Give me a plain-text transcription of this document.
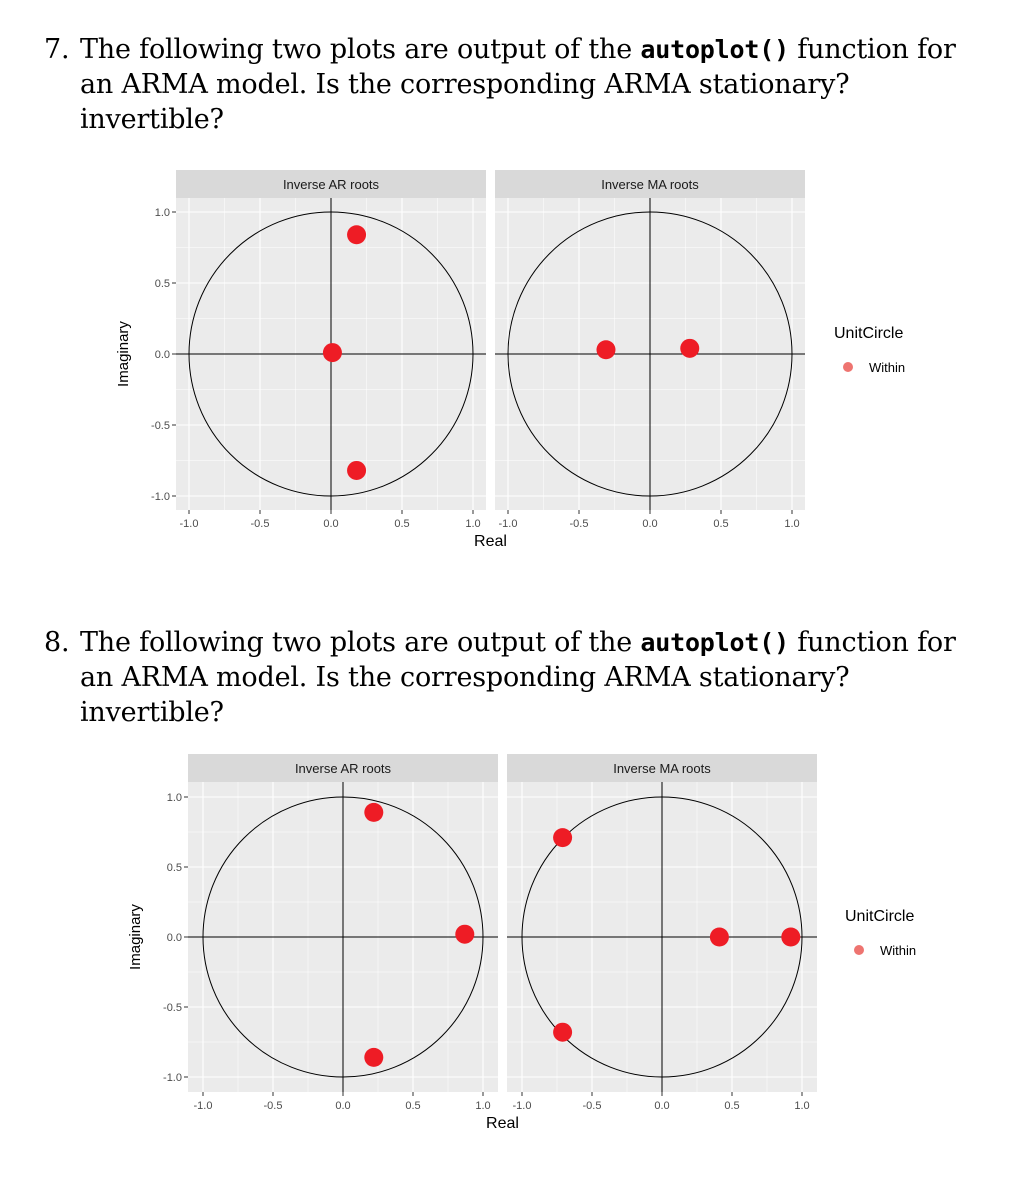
7. The following two plots are output of the autoplot() function for an ARMA model. Is the corresponding ARMA stationary? invertible?
Inverse AR roots
-1.0	-0.5	0.0	0.5	1.0
-1.0
-0.5
0.0
0.5
1.0
Imaginary
Inverse MA roots
-1.0	-0.5	0.0	0.5	1.0
Real
UnitCircle
Within
8. The following two plots are output of the autoplot() function for an ARMA model. Is the corresponding ARMA stationary? invertible?
Inverse AR roots
-1.0	-0.5	0.0	0.5	1.0
-1.0
-0.5
0.0
0.5
1.0
Imaginary
Inverse MA roots
-1.0	-0.5	0.0	0.5	1.0
Real
UnitCircle
Within
